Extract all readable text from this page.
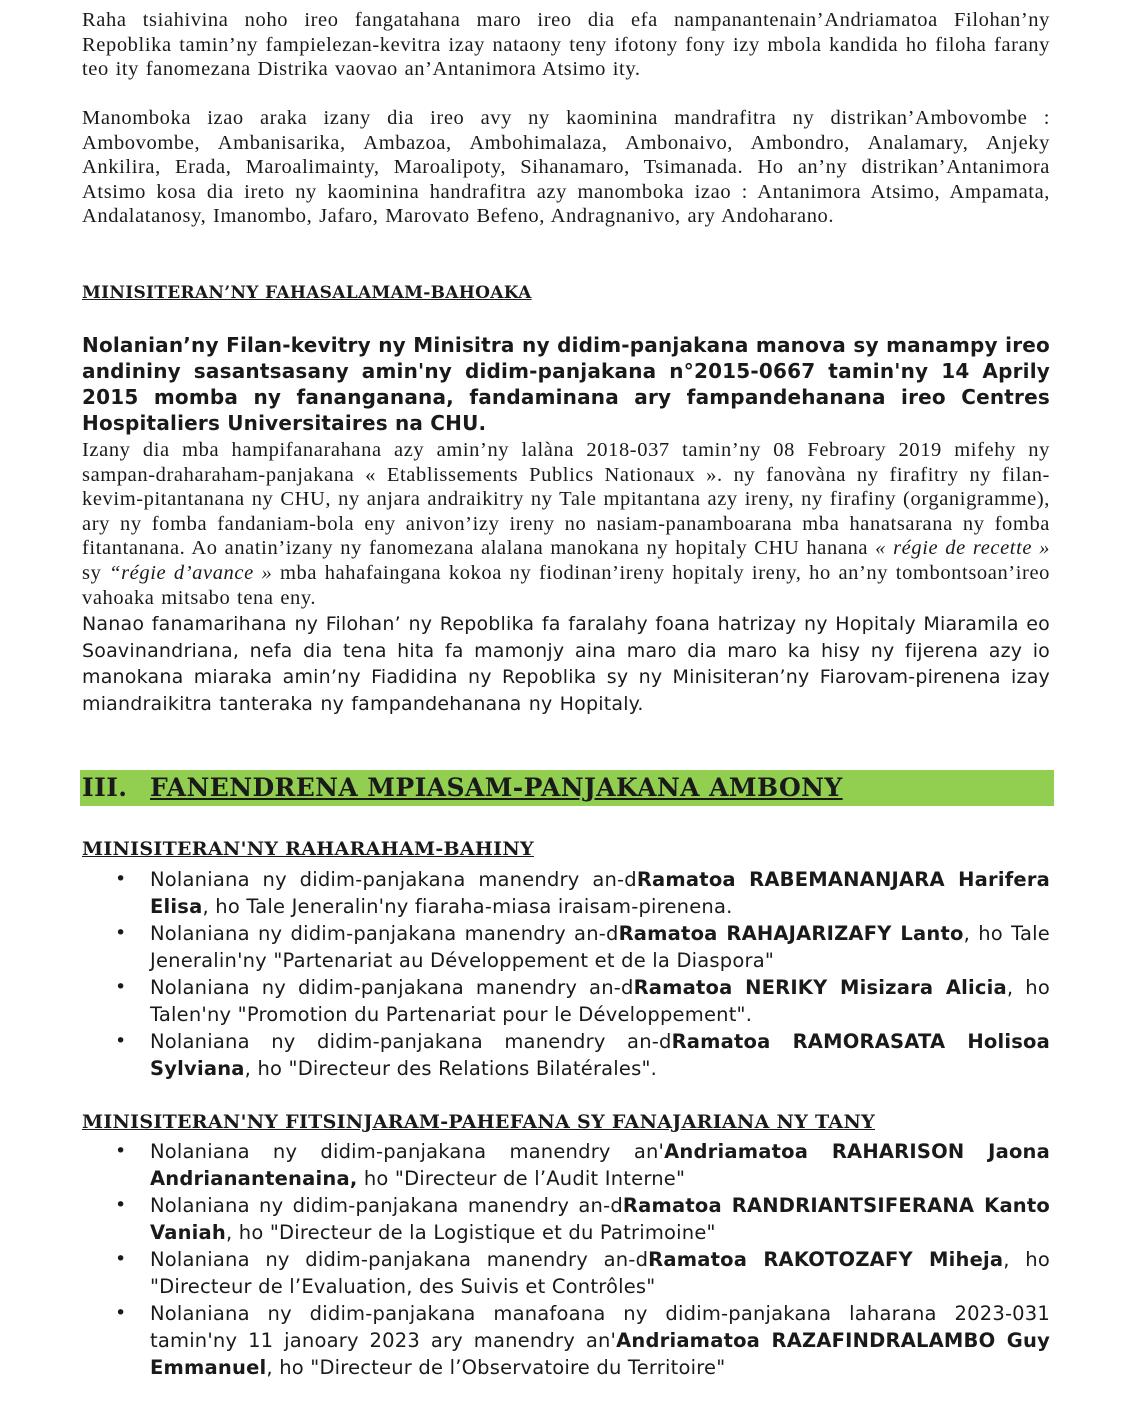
Raha tsiahivina noho ireo fangatahana maro ireo dia efa nampanantenain’Andriamatoa Filohan’ny Repoblika tamin’ny fampielezan-kevitra izay nataony teny ifotony fony izy mbola kandida ho filoha farany teo ity fanomezana Distrika vaovao an’Antanimora Atsimo ity.

Manomboka izao araka izany dia ireo avy ny kaominina mandrafitra ny distrikan’Ambovombe : Ambovombe, Ambanisarika, Ambazoa, Ambohimalaza, Ambonaivo, Ambondro, Analamary, Anjeky Ankilira, Erada, Maroalimainty, Maroalipoty, Sihanamaro, Tsimanada. Ho an’ny distrikan’Antanimora Atsimo kosa dia ireto ny kaominina handrafitra azy manomboka izao : Antanimora Atsimo, Ampamata, Andalatanosy, Imanombo, Jafaro, Marovato Befeno, Andragnanivo, ary Andoharano.

MINISITERAN’NY FAHASALAMAM-BAHOAKA

Nolanian’ny Filan-kevitry ny Minisitra ny didim-panjakana manova sy manampy ireo andininy sasantsasany amin'ny didim-panjakana n°2015-0667 tamin'ny 14 Aprily 2015 momba ny fananganana, fandaminana ary fampandehanana ireo Centres Hospitaliers Universitaires na CHU.

Izany dia mba hampifanarahana azy amin’ny lalàna 2018-037 tamin’ny 08 Febroary 2019 mifehy ny sampan-draharaham-panjakana « Etablissements Publics Nationaux ». ny fanovàna ny firafitry ny filan-kevim-pitantanana ny CHU, ny anjara andraikitry ny Tale mpitantana azy ireny, ny firafiny (organigramme), ary ny fomba fandaniam-bola eny anivon’izy ireny no nasiam-panamboarana mba hanatsarana ny fomba fitantanana. Ao anatin’izany ny fanomezana alalana manokana ny hopitaly CHU hanana « régie de recette » sy “régie d’avance » mba hahafaingana kokoa ny fiodinan’ireny hopitaly ireny, ho an’ny tombontsoan’ireo vahoaka mitsabo tena eny.

Nanao fanamarihana ny Filohan’ ny Repoblika fa faralahy foana hatrizay ny Hopitaly Miaramila eo Soavinandriana, nefa dia tena hita fa mamonjy aina maro dia maro ka hisy ny fijerena azy io manokana miaraka amin’ny Fiadidina ny Repoblika sy ny Minisiteran’ny Fiarovam-pirenena izay miandraikitra tanteraka ny fampandehanana ny Hopitaly.

III. FANENDRENA MPIASAM-PANJAKANA AMBONY
MINISITERAN'NY RAHARAHAM-BAHINY
• Nolaniana ny didim-panjakana manendry an-dRamatoa RABEMANANJARA Harifera Elisa, ho Tale Jeneralin'ny fiaraha-miasa iraisam-pirenena.
• Nolaniana ny didim-panjakana manendry an-dRamatoa RAHAJARIZAFY Lanto, ho Tale Jeneralin'ny "Partenariat au Développement et de la Diaspora"
• Nolaniana ny didim-panjakana manendry an-dRamatoa NERIKY Misizara Alicia, ho Talen'ny "Promotion du Partenariat pour le Développement".
• Nolaniana ny didim-panjakana manendry an-dRamatoa RAMORASATA Holisoa Sylviana, ho "Directeur des Relations Bilatérales".
MINISITERAN'NY FITSINJARAM-PAHEFANA SY FANAJARIANA NY TANY
• Nolaniana ny didim-panjakana manendry an'Andriamatoa RAHARISON Jaona Andrianantenaina, ho "Directeur de l’Audit Interne"
• Nolaniana ny didim-panjakana manendry an-dRamatoa RANDRIANTSIFERANA Kanto Vaniah, ho "Directeur de la Logistique et du Patrimoine"
• Nolaniana ny didim-panjakana manendry an-dRamatoa RAKOTOZAFY Miheja, ho "Directeur de l’Evaluation, des Suivis et Contrôles"
• Nolaniana ny didim-panjakana manafoana ny didim-panjakana laharana 2023-031 tamin'ny 11 janoary 2023 ary manendry an'Andriamatoa RAZAFINDRALAMBO Guy Emmanuel, ho "Directeur de l’Observatoire du Territoire"
